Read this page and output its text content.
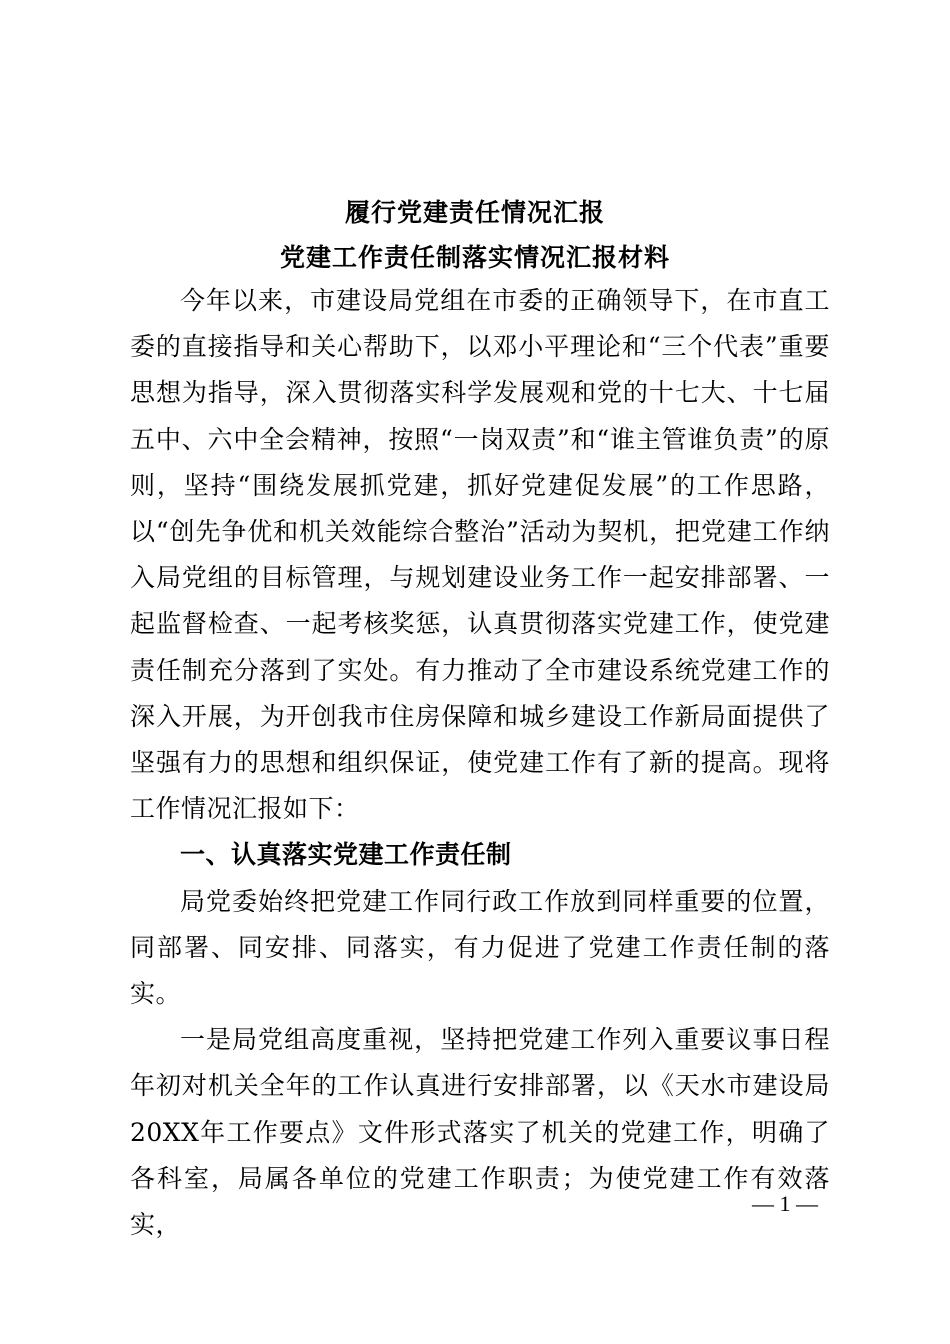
履行党建责任情况汇报
党建工作责任制落实情况汇报材料

今年以来，市建设局党组在市委的正确领导下，在市直工委的直接指导和关心帮助下，以邓小平理论和“三个代表”重要思想为指导，深入贯彻落实科学发展观和党的十七大、十七届五中、六中全会精神，按照“一岗双责”和“谁主管谁负责”的原则，坚持“围绕发展抓党建，抓好党建促发展”的工作思路，以“创先争优和机关效能综合整治”活动为契机，把党建工作纳入局党组的目标管理，与规划建设业务工作一起安排部署、一起监督检查、一起考核奖惩，认真贯彻落实党建工作，使党建责任制充分落到了实处。有力推动了全市建设系统党建工作的深入开展，为开创我市住房保障和城乡建设工作新局面提供了坚强有力的思想和组织保证，使党建工作有了新的提高。现将工作情况汇报如下：

一、认真落实党建工作责任制

局党委始终把党建工作同行政工作放到同样重要的位置，同部署、同安排、同落实，有力促进了党建工作责任制的落实。

一是局党组高度重视，坚持把党建工作列入重要议事日程年初对机关全年的工作认真进行安排部署，以《天水市建设局20XX年工作要点》文件形式落实了机关的党建工作，明确了各科室，局属各单位的党建工作职责；为使党建工作有效落实，

— 1 —
